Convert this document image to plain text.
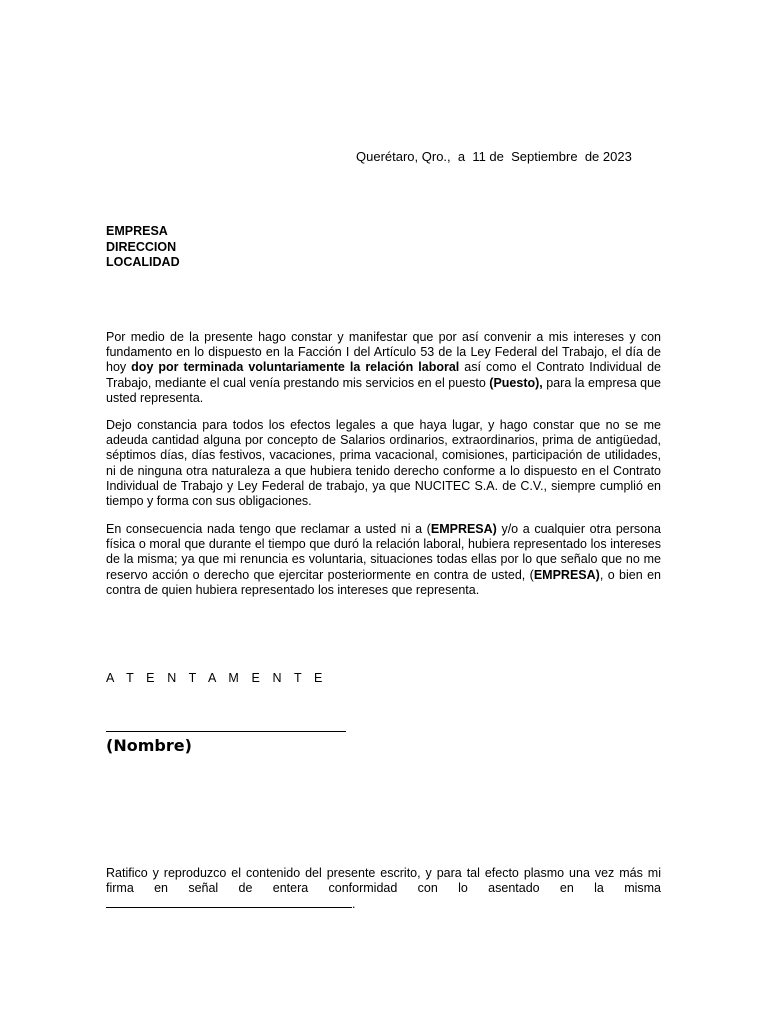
Querétaro, Qro.,  a  11 de  Septiembre  de 2023
EMPRESA
DIRECCION
LOCALIDAD

Por medio de la presente hago constar y manifestar que por así convenir a mis intereses y con fundamento en lo dispuesto en la Facción I del Artículo 53 de la Ley Federal del Trabajo, el día de hoy doy por terminada voluntariamente la relación laboral así como el Contrato Individual de Trabajo, mediante el cual venía prestando mis servicios en el puesto (Puesto), para la empresa que usted representa.

Dejo constancia para todos los efectos legales a que haya lugar, y hago constar que no se me adeuda cantidad alguna por concepto de Salarios ordinarios, extraordinarios, prima de antigüedad, séptimos días, días festivos, vacaciones, prima vacacional, comisiones, participación de utilidades, ni de ninguna otra naturaleza a que hubiera tenido derecho conforme a lo dispuesto en el Contrato Individual de Trabajo y Ley Federal de trabajo, ya que NUCITEC S.A. de C.V., siempre cumplió en tiempo y forma con sus obligaciones.

En consecuencia nada tengo que reclamar a usted ni a (EMPRESA) y/o a cualquier otra persona física o moral que durante el tiempo que duró la relación laboral, hubiera representado los intereses de la misma; ya que mi renuncia es voluntaria, situaciones todas ellas por lo que señalo que no me reservo acción o derecho que ejercitar posteriormente en contra de usted, (EMPRESA), o bien en contra de quien hubiera representado los intereses que representa.

A T E N T A M E N T E
(Nombre)

Ratifico y reproduzco el contenido del presente escrito, y para tal efecto plasmo una vez más mi firma en señal de entera conformidad con lo asentado en la misma.
